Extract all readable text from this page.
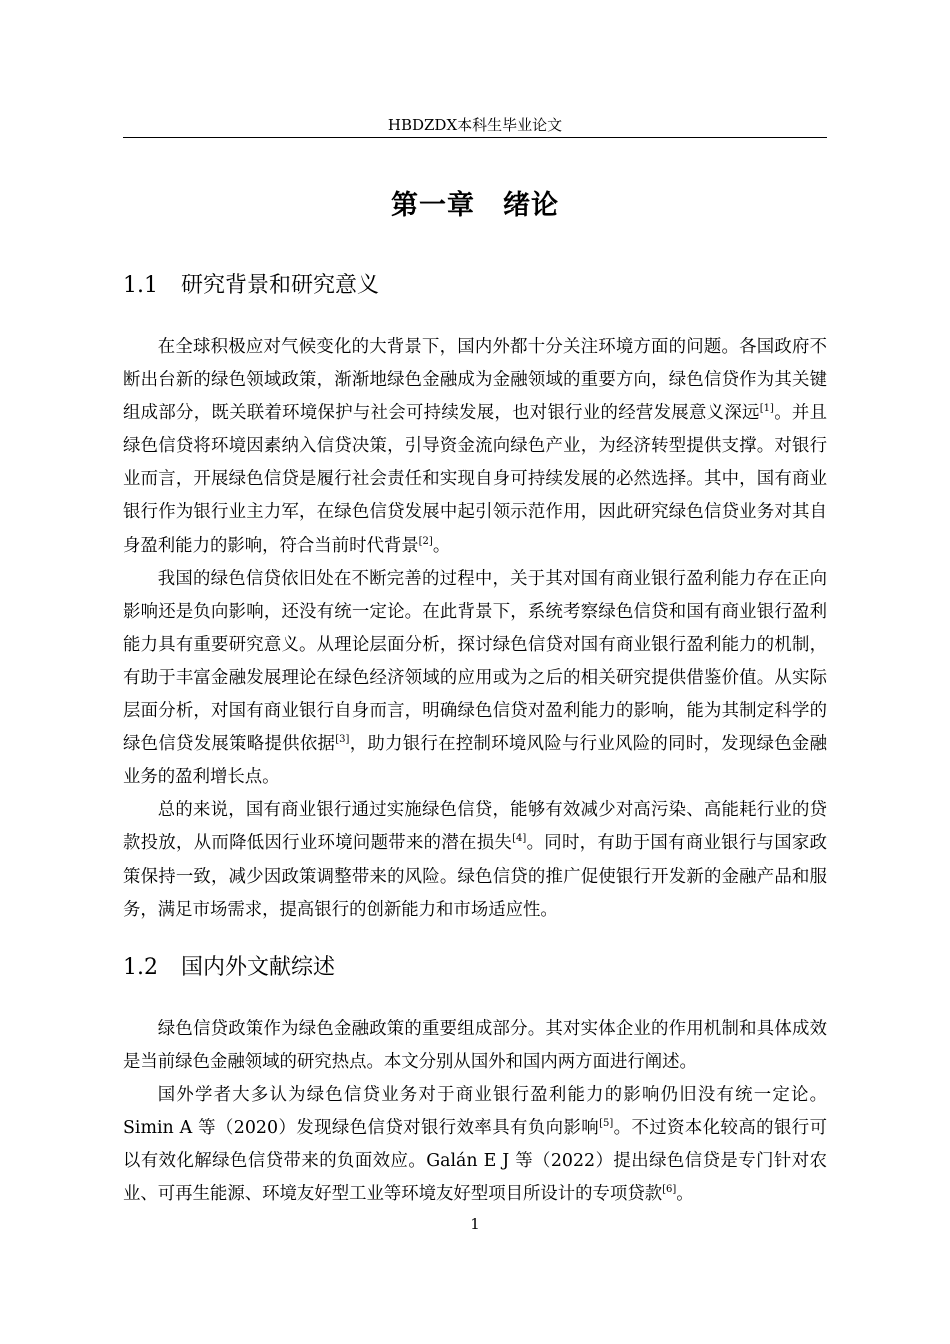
HBDZDX本科生毕业论文
第一章　绪论
1.1 研究背景和研究意义

在全球积极应对气候变化的大背景下，国内外都十分关注环境方面的问题。各国政府不断出台新的绿色领域政策，渐渐地绿色金融成为金融领域的重要方向，绿色信贷作为其关键组成部分，既关联着环境保护与社会可持续发展，也对银行业的经营发展意义深远[1]。并且绿色信贷将环境因素纳入信贷决策，引导资金流向绿色产业，为经济转型提供支撑。对银行业而言，开展绿色信贷是履行社会责任和实现自身可持续发展的必然选择。其中，国有商业银行作为银行业主力军，在绿色信贷发展中起引领示范作用，因此研究绿色信贷业务对其自身盈利能力的影响，符合当前时代背景[2]。

我国的绿色信贷依旧处在不断完善的过程中，关于其对国有商业银行盈利能力存在正向影响还是负向影响，还没有统一定论。在此背景下，系统考察绿色信贷和国有商业银行盈利能力具有重要研究意义。从理论层面分析，探讨绿色信贷对国有商业银行盈利能力的机制，有助于丰富金融发展理论在绿色经济领域的应用或为之后的相关研究提供借鉴价值。从实际层面分析，对国有商业银行自身而言，明确绿色信贷对盈利能力的影响，能为其制定科学的绿色信贷发展策略提供依据[3]，助力银行在控制环境风险与行业风险的同时，发现绿色金融业务的盈利增长点。

总的来说，国有商业银行通过实施绿色信贷，能够有效减少对高污染、高能耗行业的贷款投放，从而降低因行业环境问题带来的潜在损失[4]。同时，有助于国有商业银行与国家政策保持一致，减少因政策调整带来的风险。绿色信贷的推广促使银行开发新的金融产品和服务，满足市场需求，提高银行的创新能力和市场适应性。

1.2 国内外文献综述

绿色信贷政策作为绿色金融政策的重要组成部分。其对实体企业的作用机制和具体成效是当前绿色金融领域的研究热点。本文分别从国外和国内两方面进行阐述。

国外学者大多认为绿色信贷业务对于商业银行盈利能力的影响仍旧没有统一定论。Simin A 等（2020）发现绿色信贷对银行效率具有负向影响[5]。不过资本化较高的银行可以有效化解绿色信贷带来的负面效应。Galán E J 等（2022）提出绿色信贷是专门针对农业、可再生能源、环境友好型工业等环境友好型项目所设计的专项贷款[6]。

1
